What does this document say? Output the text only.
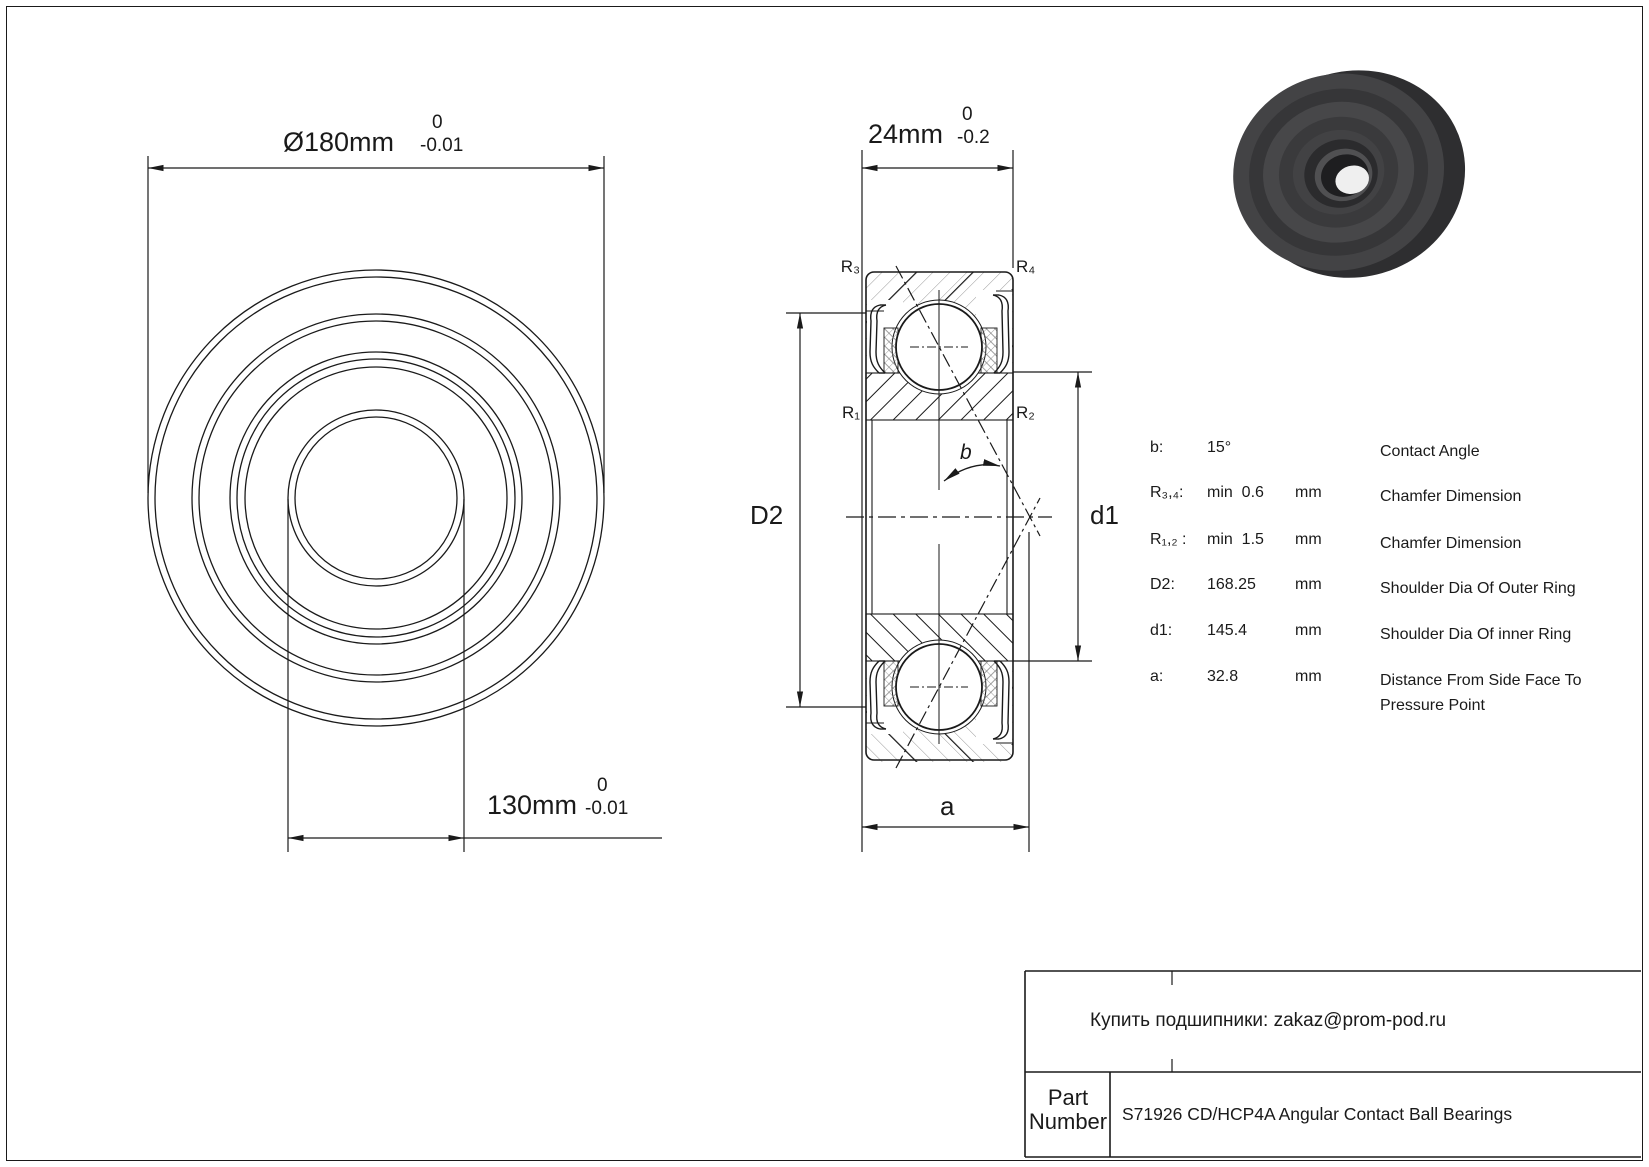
Ø180mm
0
-0.01
130mm
0
-0.01
24mm
0
-0.2
R₃	R₄
R₁	R₂
D2	d1
b
a
b:	15°	Contact Angle
R₃,₄: min  0.6 mm	Chamfer Dimension
R₁,₂ : min  1.5 mm	Chamfer Dimension
D2: 168.25 mm	Shoulder Dia Of Outer Ring
d1: 145.4	mm	Shoulder Dia Of inner Ring
a:	32.8	mm	Distance From Side Face To Pressure Point
Купить подшипники: zakaz@prom-pod.ru
Part Number S71926 CD/HCP4A Angular Contact Ball Bearings
